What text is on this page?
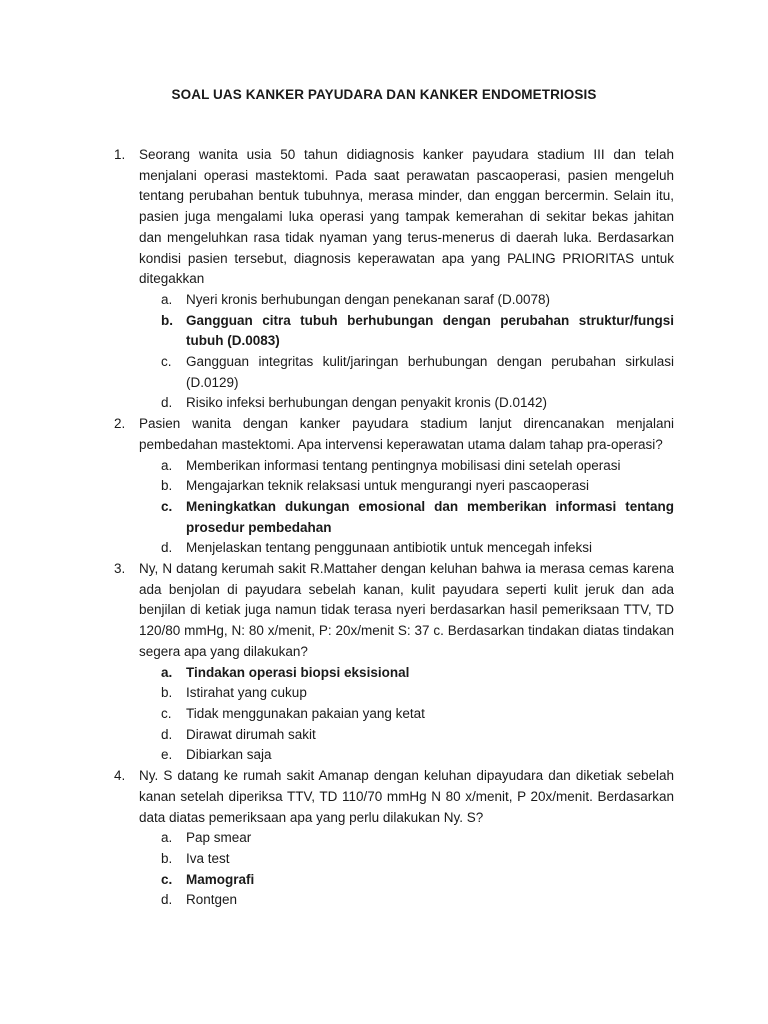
SOAL UAS KANKER PAYUDARA DAN KANKER ENDOMETRIOSIS
1. Seorang wanita usia 50 tahun didiagnosis kanker payudara stadium III dan telah menjalani operasi mastektomi. Pada saat perawatan pascaoperasi, pasien mengeluh tentang perubahan bentuk tubuhnya, merasa minder, dan enggan bercermin. Selain itu, pasien juga mengalami luka operasi yang tampak kemerahan di sekitar bekas jahitan dan mengeluhkan rasa tidak nyaman yang terus-menerus di daerah luka. Berdasarkan kondisi pasien tersebut, diagnosis keperawatan apa yang PALING PRIORITAS untuk ditegakkan

a. Nyeri kronis berhubungan dengan penekanan saraf (D.0078)
b. Gangguan citra tubuh berhubungan dengan perubahan struktur/fungsi tubuh (D.0083)
c. Gangguan integritas kulit/jaringan berhubungan dengan perubahan sirkulasi (D.0129)
d. Risiko infeksi berhubungan dengan penyakit kronis (D.0142)
2. Pasien wanita dengan kanker payudara stadium lanjut direncanakan menjalani pembedahan mastektomi. Apa intervensi keperawatan utama dalam tahap pra-operasi?

a. Memberikan informasi tentang pentingnya mobilisasi dini setelah operasi
b. Mengajarkan teknik relaksasi untuk mengurangi nyeri pascaoperasi
c. Meningkatkan dukungan emosional dan memberikan informasi tentang prosedur pembedahan
d. Menjelaskan tentang penggunaan antibiotik untuk mencegah infeksi
3. Ny, N datang kerumah sakit R.Mattaher dengan keluhan bahwa ia merasa cemas karena ada benjolan di payudara sebelah kanan, kulit payudara seperti kulit jeruk dan ada benjilan di ketiak juga namun tidak terasa nyeri berdasarkan hasil pemeriksaan TTV, TD 120/80 mmHg, N: 80 x/menit, P: 20x/menit S: 37 c. Berdasarkan tindakan diatas tindakan segera apa yang dilakukan?

a. Tindakan operasi biopsi eksisional
b. Istirahat yang cukup
c. Tidak menggunakan pakaian yang ketat
d. Dirawat dirumah sakit
e. Dibiarkan saja
4. Ny. S datang ke rumah sakit Amanap dengan keluhan dipayudara dan diketiak sebelah kanan setelah diperiksa TTV, TD 110/70 mmHg N 80 x/menit, P 20x/menit. Berdasarkan data diatas pemeriksaan apa yang perlu dilakukan Ny. S?

a. Pap smear
b. Iva test
c. Mamografi
d. Rontgen
